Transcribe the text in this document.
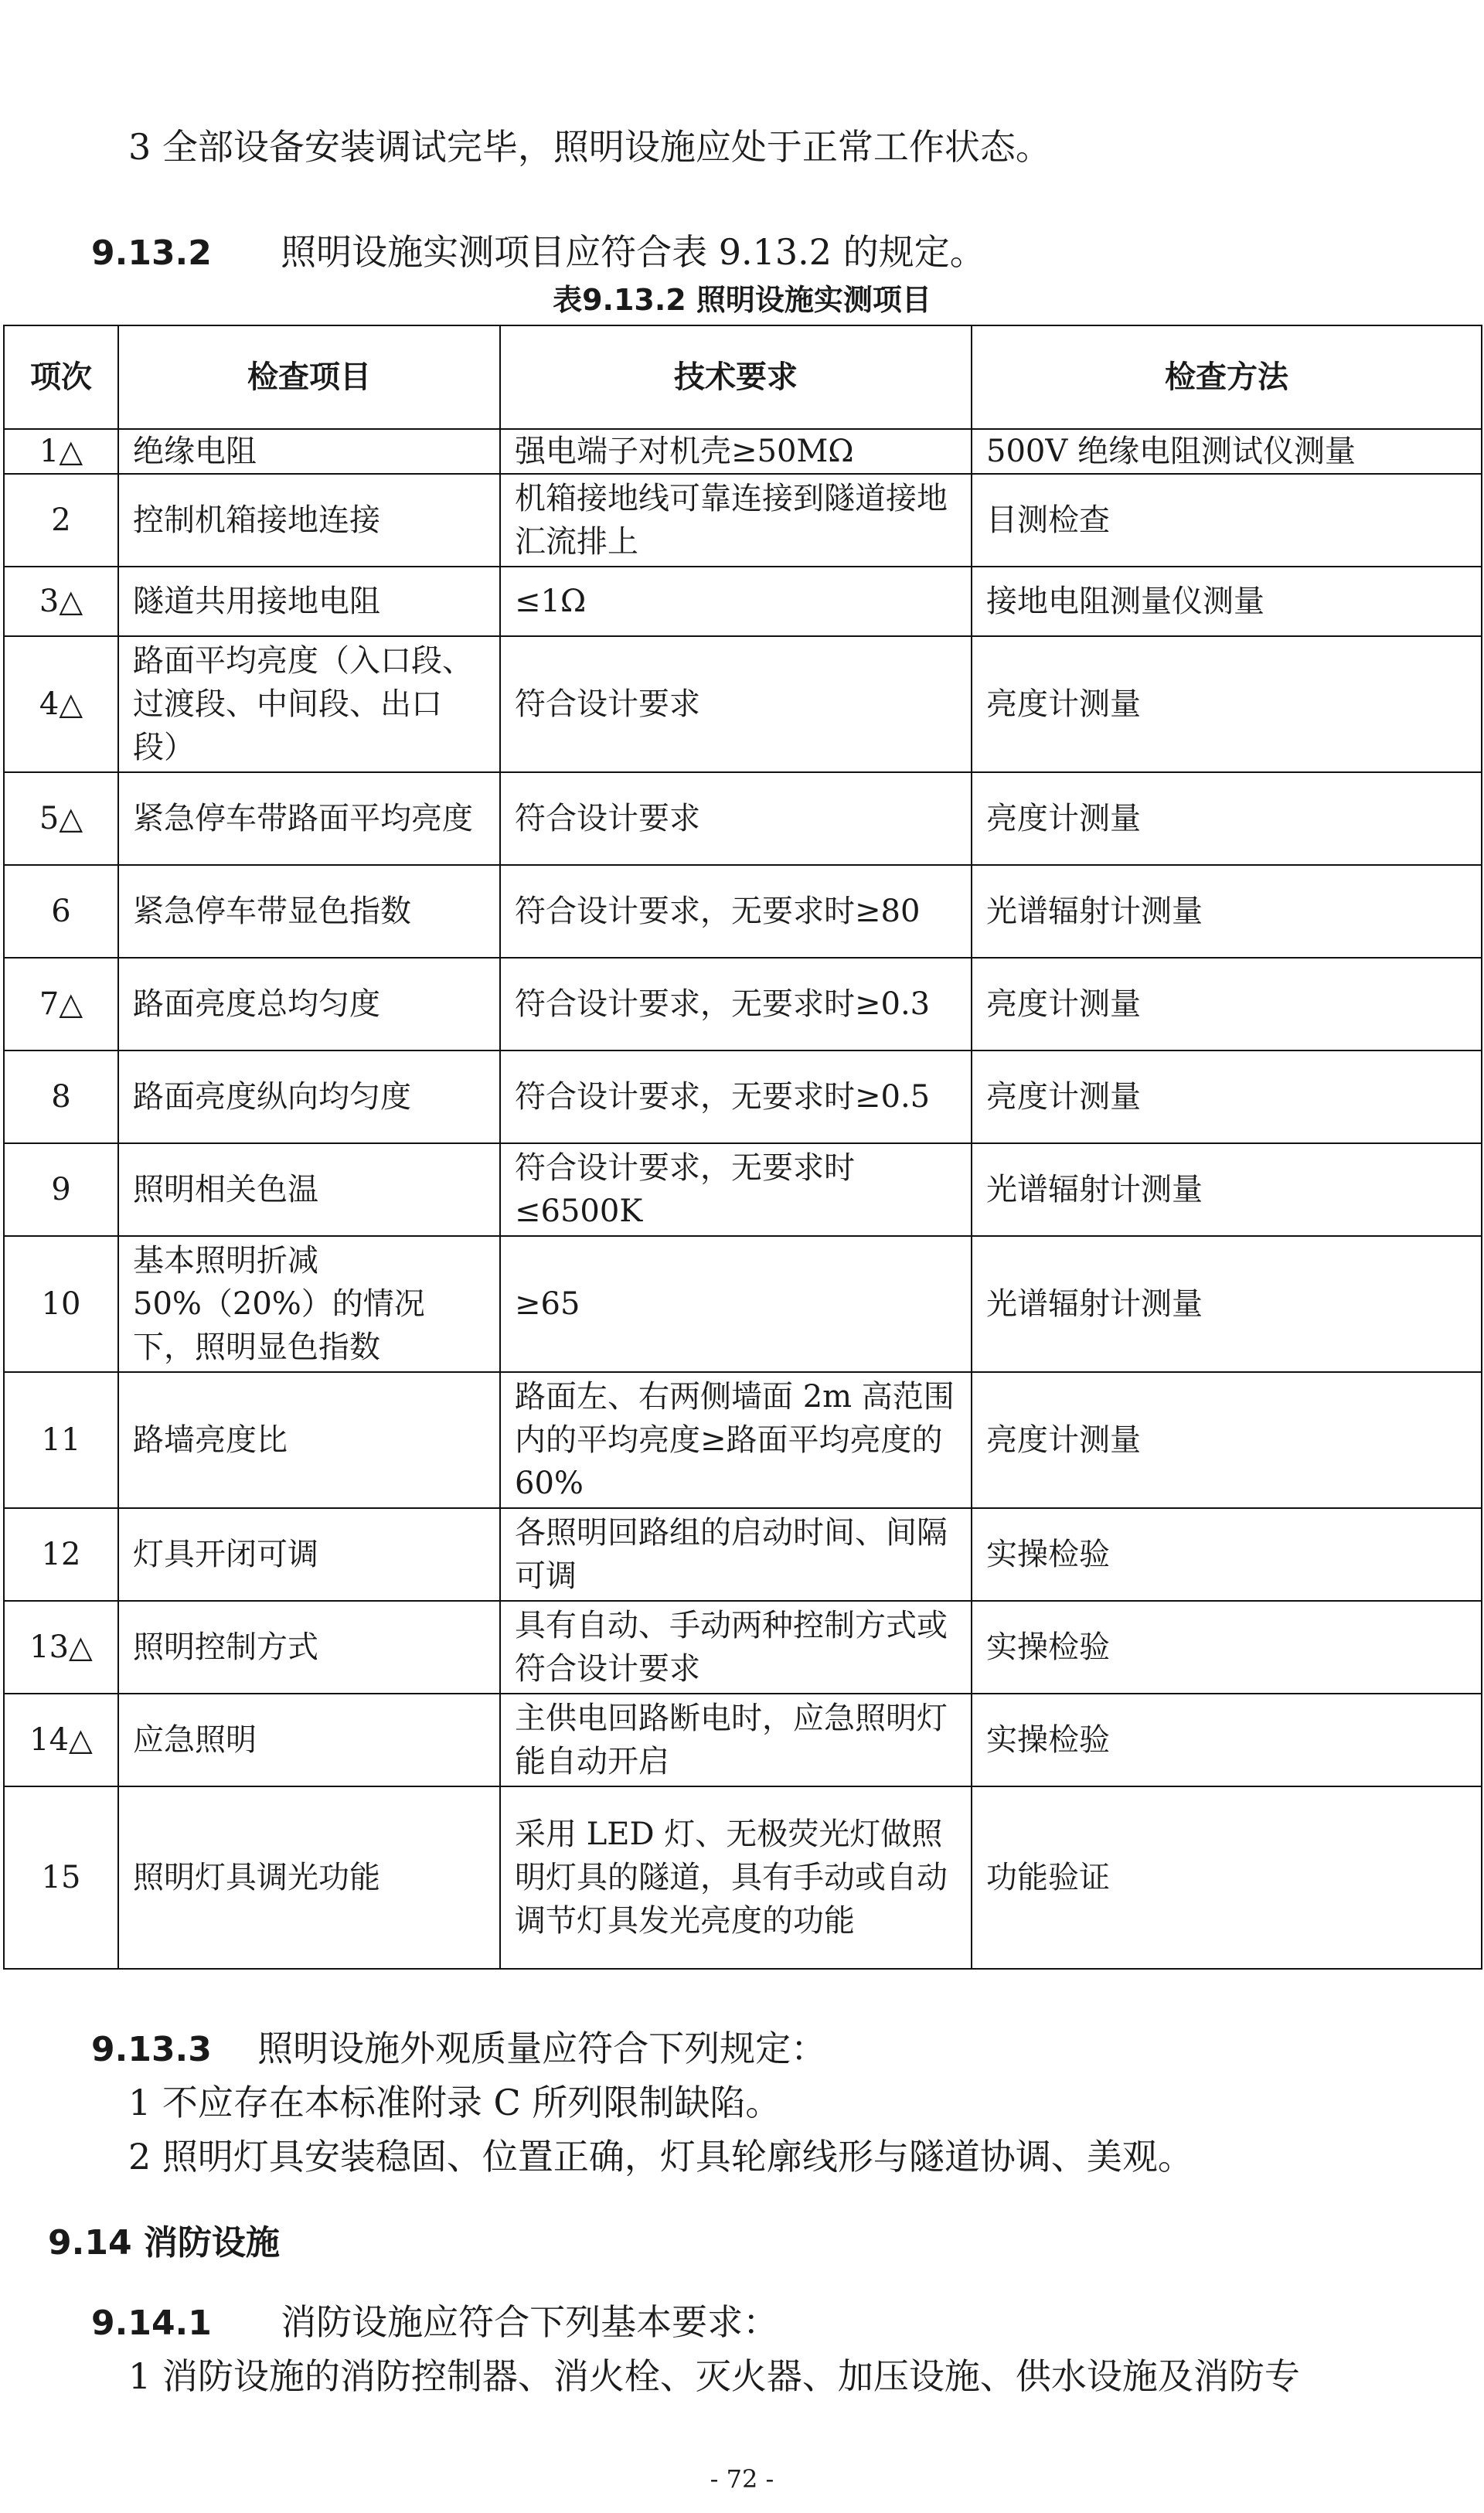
3 全部设备安装调试完毕，照明设施应处于正常工作状态。
9.13.2 照明设施实测项目应符合表 9.13.2 的规定。
表9.13.2 照明设施实测项目
项次	检查项目	技术要求	检查方法
1△	绝缘电阻	强电端子对机壳≥50MΩ	500V 绝缘电阻测试仪测量
2	控制机箱接地连接	机箱接地线可靠连接到隧道接地汇流排上	目测检查
3△	隧道共用接地电阻	≤1Ω	接地电阻测量仪测量
4△	路面平均亮度（入口段、过渡段、中间段、出口段）	符合设计要求	亮度计测量
5△	紧急停车带路面平均亮度	符合设计要求	亮度计测量
6	紧急停车带显色指数	符合设计要求，无要求时≥80	光谱辐射计测量
7△	路面亮度总均匀度	符合设计要求，无要求时≥0.3	亮度计测量
8	路面亮度纵向均匀度	符合设计要求，无要求时≥0.5	亮度计测量
9	照明相关色温	符合设计要求，无要求时≤6500K	光谱辐射计测量
10	基本照明折减 50%（20%）的情况下，照明显色指数	≥65	光谱辐射计测量
11	路墙亮度比	路面左、右两侧墙面 2m 高范围内的平均亮度≥路面平均亮度的 60%	亮度计测量
12	灯具开闭可调	各照明回路组的启动时间、间隔可调	实操检验
13△	照明控制方式	具有自动、手动两种控制方式或符合设计要求	实操检验
14△	应急照明	主供电回路断电时，应急照明灯能自动开启	实操检验
15	照明灯具调光功能	采用 LED 灯、无极荧光灯做照明灯具的隧道，具有手动或自动调节灯具发光亮度的功能	功能验证
9.13.3 照明设施外观质量应符合下列规定：
1 不应存在本标准附录 C 所列限制缺陷。
2 照明灯具安装稳固、位置正确，灯具轮廓线形与隧道协调、美观。
9.14 消防设施
9.14.1 消防设施应符合下列基本要求：
1 消防设施的消防控制器、消火栓、灭火器、加压设施、供水设施及消防专
- 72 -
